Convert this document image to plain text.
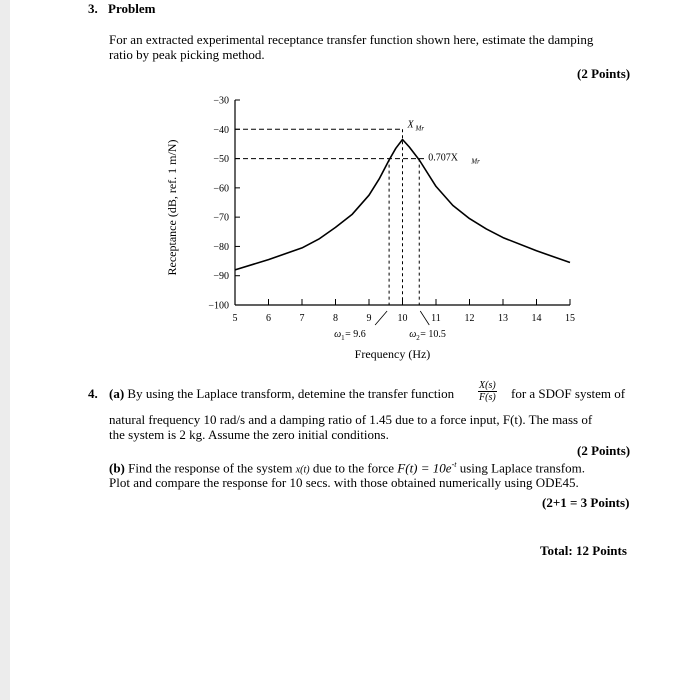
3. Problem
For an extracted experimental receptance transfer function shown here, estimate the damping
ratio by peak picking method.
(2 Points)
−30
−40
−50
−60
−70
−80
−90
−100
5	6	7	8	9	10 11 12 13 14 15
X Mr
0.707X Mr
ω 1 = 9.6	ω 2 = 10.5
Frequency (Hz)
Receptance (dB, ref. 1 m/N)
4. (a) By using the Laplace transform, detemine the transfer function $\frac{X(s)}{F(s)}$ for a SDOF system of
natural frequency 10 rad/s and a damping ratio of 1.45 due to a force input, F(t). The mass of
the system is 2 kg. Assume the zero initial conditions.
(2 Points)
(b) Find the response of the system x(t) due to the force $F(t) = 10e^{-t}$ using Laplace transfom.
Plot and compare the response for 10 secs. with those obtained numerically using ODE45.
(2+1 = 3 Points)
Total: 12 Points
